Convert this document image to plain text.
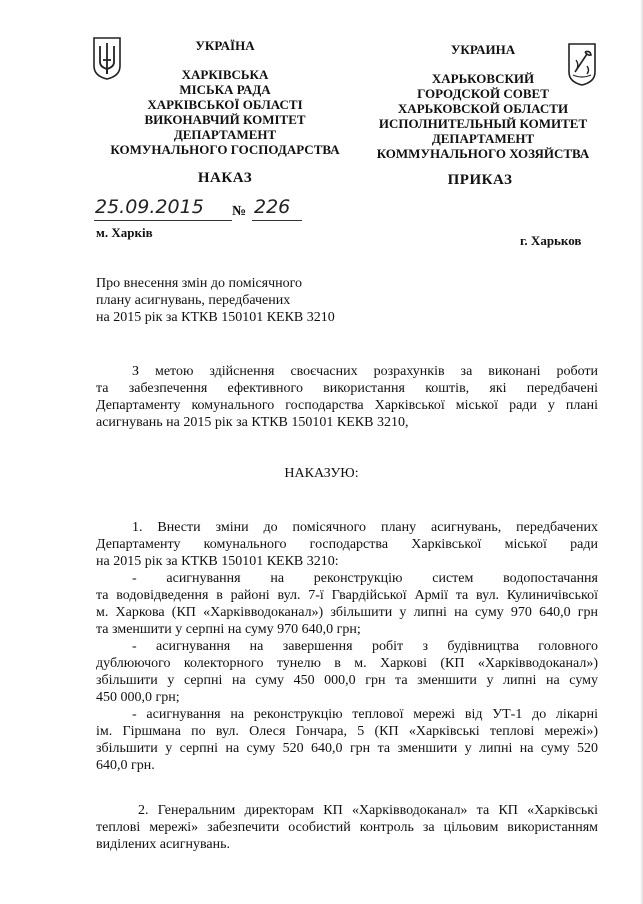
УКРАЇНА
ХАРКІВСЬКА
МІСЬКА РАДА
ХАРКІВСЬКОЇ ОБЛАСТІ
ВИКОНАВЧИЙ КОМІТЕТ
ДЕПАРТАМЕНТ
КОМУНАЛЬНОГО ГОСПОДАРСТВА
УКРАИНА
ХАРЬКОВСКИЙ
ГОРОДСКОЙ СОВЕТ
ХАРЬКОВСКОЙ ОБЛАСТИ
ИСПОЛНИТЕЛЬНЫЙ КОМИТЕТ
ДЕПАРТАМЕНТ
КОММУНАЛЬНОГО ХОЗЯЙСТВА
НАКАЗ	ПРИКАЗ
25.09.2015 № 226
м. Харків
г. Харьков
Про внесення змін до помісячного
плану асигнувань, передбачених
на 2015 рік за КТКВ 150101 КЕКВ 3210
З метою здійснення своєчасних розрахунків за виконані роботи
та забезпечення ефективного використання коштів, які передбачені
Департаменту комунального господарства Харківської міської ради у плані
асигнувань на 2015 рік за КТКВ 150101 КЕКВ 3210,
НАКАЗУЮ:
1. Внести зміни до помісячного плану асигнувань, передбачених
Департаменту комунального господарства Харківської міської ради
на 2015 рік за КТКВ 150101 КЕКВ 3210:
- асигнування на реконструкцію систем водопостачання
та водовідведення в районі вул. 7-ї Гвардійської Армії та вул. Кулиничівської
м. Харкова (КП «Харківводоканал») збільшити у липні на суму 970 640,0 грн
та зменшити у серпні на суму 970 640,0 грн;
- асигнування на завершення робіт з будівництва головного
дублюючого колекторного тунелю в м. Харкові (КП «Харківводоканал»)
збільшити у серпні на суму 450 000,0 грн та зменшити у липні на суму
450 000,0 грн;
- асигнування на реконструкцію теплової мережі від УТ-1 до лікарні
ім. Гіршмана по вул. Олеся Гончара, 5 (КП «Харківські теплові мережі»)
збільшити у серпні на суму 520 640,0 грн та зменшити у липні на суму 520
640,0 грн.
2. Генеральним директорам КП «Харківводоканал» та КП «Харківські
теплові мережі» забезпечити особистий контроль за цільовим використанням
виділених асигнувань.
